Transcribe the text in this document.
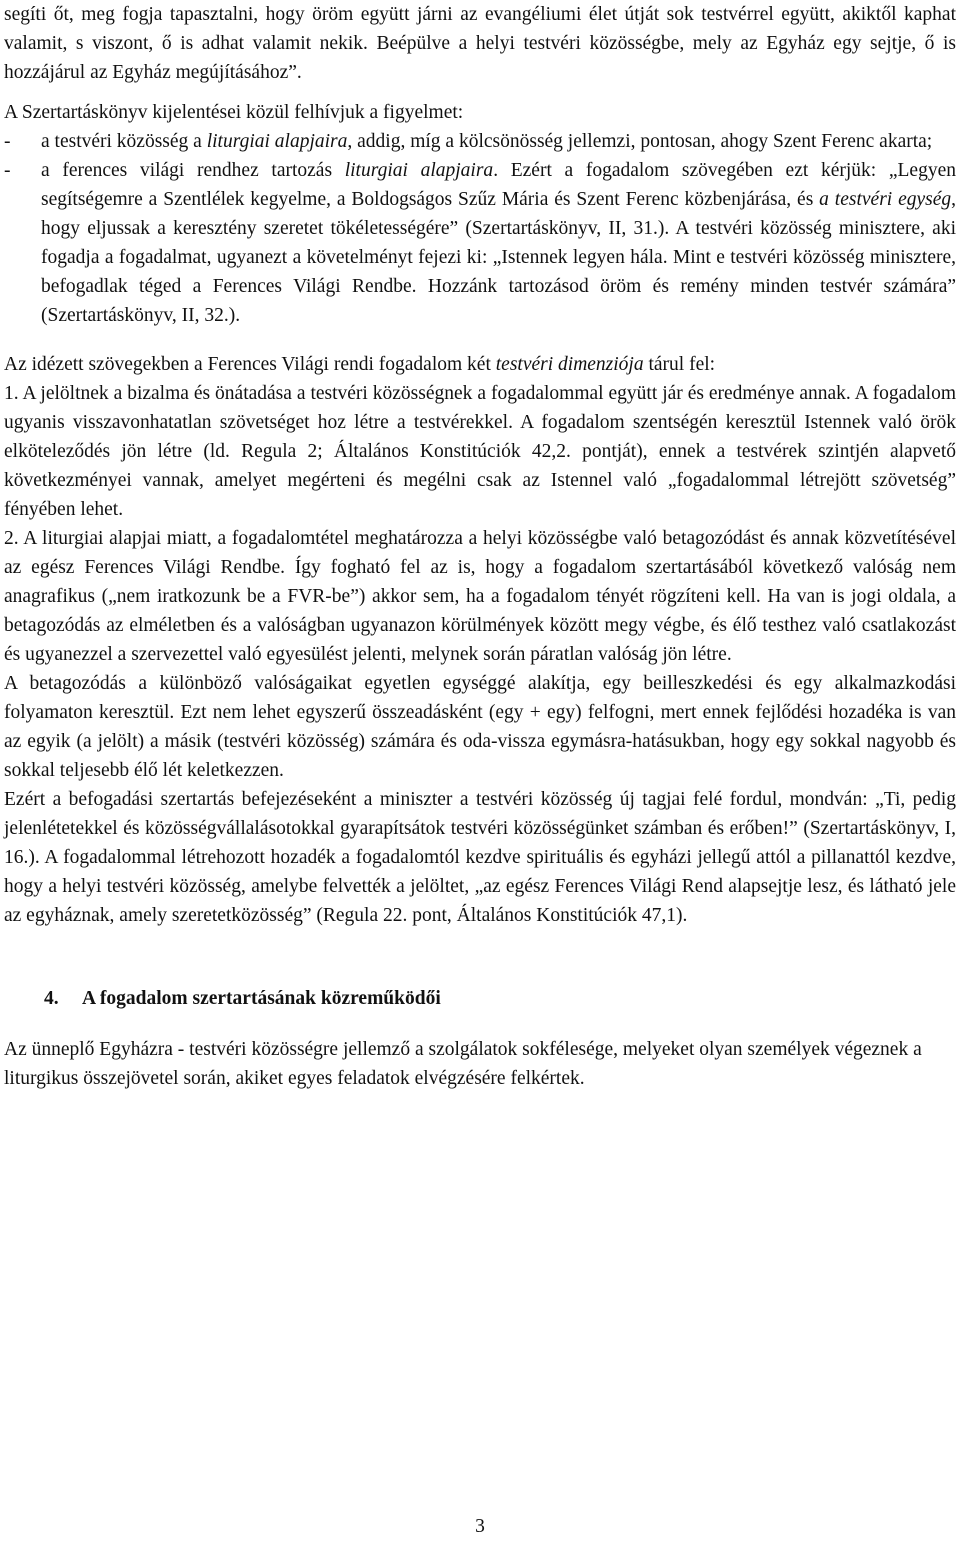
segíti őt, meg fogja tapasztalni, hogy öröm együtt járni az evangéliumi élet útját sok testvérrel együtt, akiktől kaphat valamit, s viszont, ő is adhat valamit nekik. Beépülve a helyi testvéri közösségbe, mely az Egyház egy sejtje, ő is hozzájárul az Egyház megújításához”.

A Szertartáskönyv kijelentései közül felhívjuk a figyelmet:

- a testvéri közösség a liturgiai alapjaira, addig, míg a kölcsönösség jellemzi, pontosan, ahogy Szent Ferenc akarta;
- a ferences világi rendhez tartozás liturgiai alapjaira. Ezért a fogadalom szövegében ezt kérjük: „Legyen segítségemre a Szentlélek kegyelme, a Boldogságos Szűz Mária és Szent Ferenc közbenjárása, és a testvéri egység, hogy eljussak a keresztény szeretet tökéletességére” (Szertartáskönyv, II, 31.). A testvéri közösség minisztere, aki fogadja a fogadalmat, ugyanezt a követelményt fejezi ki: „Istennek legyen hála. Mint e testvéri közösség minisztere, befogadlak téged a Ferences Világi Rendbe. Hozzánk tartozásod öröm és remény minden testvér számára” (Szertartáskönyv, II, 32.).

Az idézett szövegekben a Ferences Világi rendi fogadalom két testvéri dimenziója tárul fel:

1. A jelöltnek a bizalma és önátadása a testvéri közösségnek a fogadalommal együtt jár és eredménye annak. A fogadalom ugyanis visszavonhatatlan szövetséget hoz létre a testvérekkel. A fogadalom szentségén keresztül Istennek való örök elköteleződés jön létre (ld. Regula 2; Általános Konstitúciók 42,2. pontját), ennek a testvérek szintjén alapvető következményei vannak, amelyet megérteni és megélni csak az Istennel való „fogadalommal létrejött szövetség” fényében lehet.

2. A liturgiai alapjai miatt, a fogadalomtétel meghatározza a helyi közösségbe való betagozódást és annak közvetítésével az egész Ferences Világi Rendbe. Így fogható fel az is, hogy a fogadalom szertartásából következő valóság nem anagrafikus („nem iratkozunk be a FVR-be”) akkor sem, ha a fogadalom tényét rögzíteni kell. Ha van is jogi oldala, a betagozódás az elméletben és a valóságban ugyanazon körülmények között megy végbe, és élő testhez való csatlakozást és ugyanezzel a szervezettel való egyesülést jelenti, melynek során páratlan valóság jön létre.

A betagozódás a különböző valóságaikat egyetlen egységgé alakítja, egy beilleszkedési és egy alkalmazkodási folyamaton keresztül. Ezt nem lehet egyszerű összeadásként (egy + egy) felfogni, mert ennek fejlődési hozadéka is van az egyik (a jelölt) a másik (testvéri közösség) számára és oda-vissza egymásra-hatásukban, hogy egy sokkal nagyobb és sokkal teljesebb élő lét keletkezzen.

Ezért a befogadási szertartás befejezéseként a miniszter a testvéri közösség új tagjai felé fordul, mondván: „Ti, pedig jelenlétetekkel és közösségvállalásotokkal gyarapítsátok testvéri közösségünket számban és erőben!” (Szertartáskönyv, I, 16.). A fogadalommal létrehozott hozadék a fogadalomtól kezdve spirituális és egyházi jellegű attól a pillanattól kezdve, hogy a helyi testvéri közösség, amelybe felvették a jelöltet, „az egész Ferences Világi Rend alapsejtje lesz, és látható jele az egyháznak, amely szeretetközösség” (Regula 22. pont, Általános Konstitúciók 47,1).

4. A fogadalom szertartásának közreműködői

Az ünneplő Egyházra - testvéri közösségre jellemző a szolgálatok sokfélesége, melyeket olyan személyek végeznek a liturgikus összejövetel során, akiket egyes feladatok elvégzésére felkértek.

3
